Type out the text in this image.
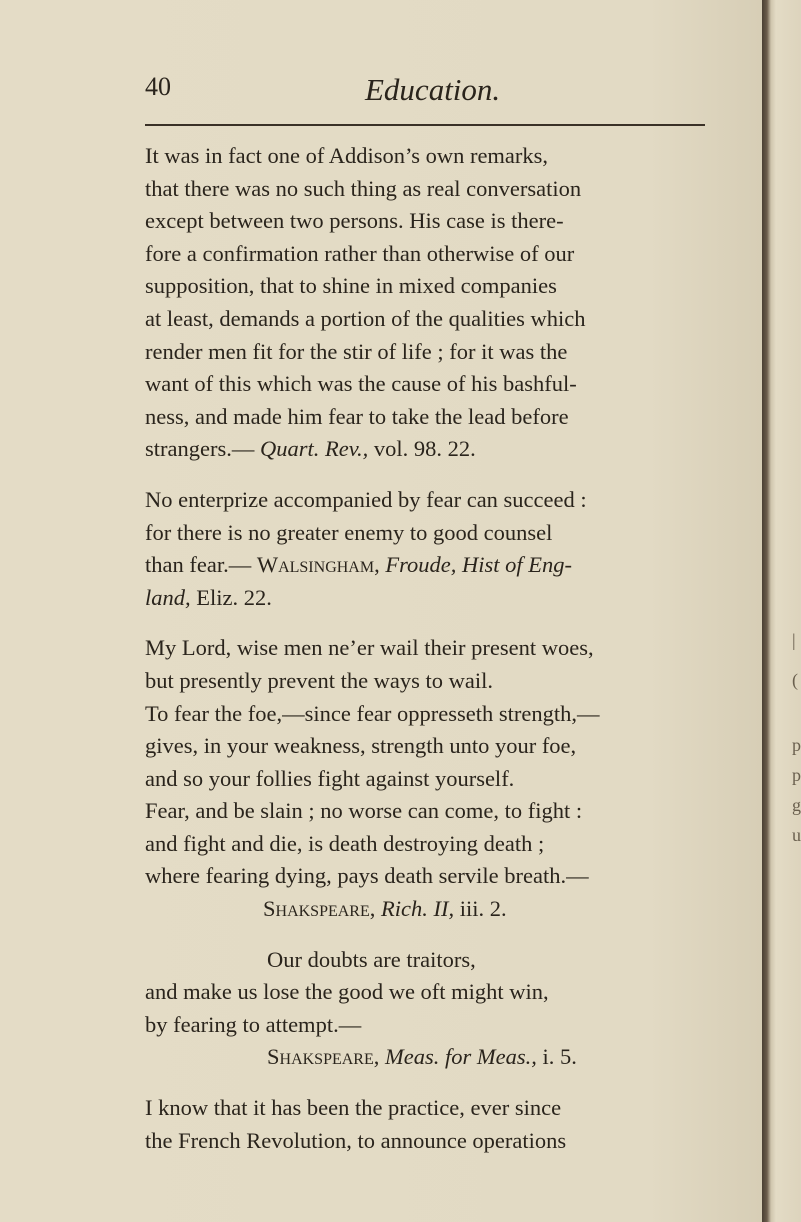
|
(
p
p
g
u
40	Education.
It was in fact one of Addison’s own remarks,
that there was no such thing as real conversation
except between two persons. His case is there-
fore a confirmation rather than otherwise of our
supposition, that to shine in mixed companies
at least, demands a portion of the qualities which
render men fit for the stir of life ; for it was the
want of this which was the cause of his bashful-
ness, and made him fear to take the lead before
strangers.— Quart. Rev., vol. 98. 22.
No enterprize accompanied by fear can succeed :
for there is no greater enemy to good counsel
than fear.— Walsingham, Froude, Hist of Eng-
land, Eliz. 22.
My Lord, wise men ne’er wail their present woes,
but presently prevent the ways to wail.
To fear the foe,—since fear oppresseth strength,—
gives, in your weakness, strength unto your foe,
and so your follies fight against yourself.
Fear, and be slain ; no worse can come, to fight :
and fight and die, is death destroying death ;
where fearing dying, pays death servile breath.—
Shakspeare, Rich. II, iii. 2.
Our doubts are traitors,
and make us lose the good we oft might win,
by fearing to attempt.—
Shakspeare, Meas. for Meas., i. 5.
I know that it has been the practice, ever since
the French Revolution, to announce operations
